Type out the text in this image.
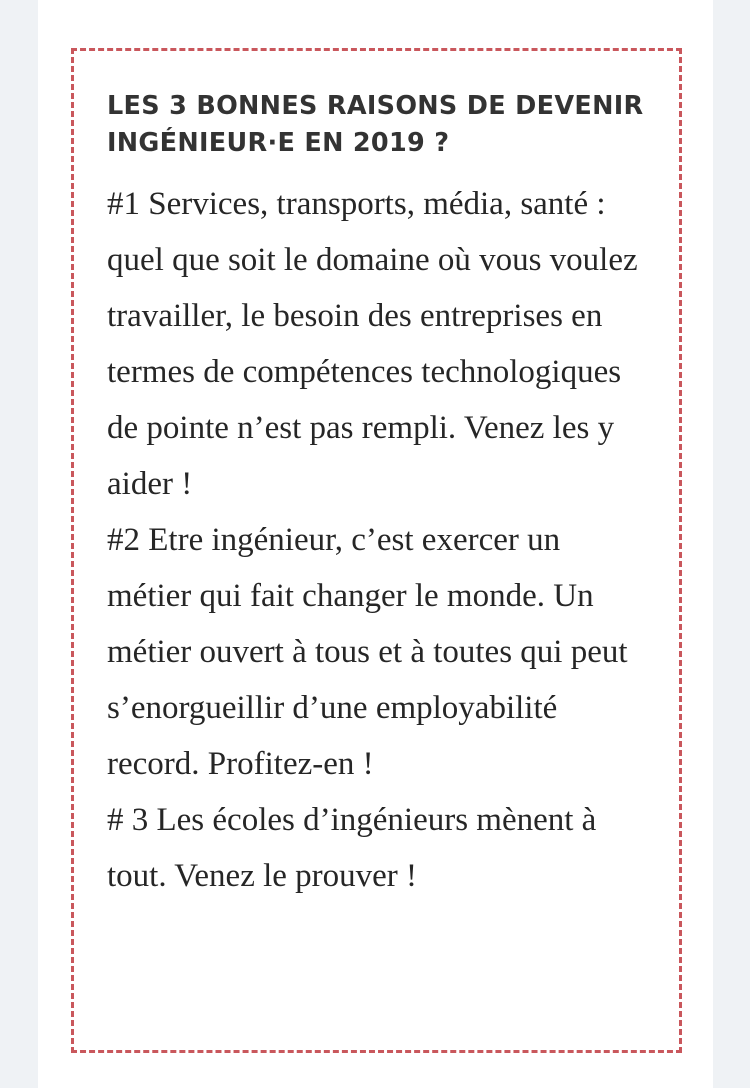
LES 3 BONNES RAISONS DE DEVENIR INGÉNIEUR·E EN 2019 ?

#1 Services, transports, média, santé : quel que soit le domaine où vous voulez travailler, le besoin des entreprises en termes de compétences technologiques de pointe n’est pas rempli. Venez les y aider !

#2 Etre ingénieur, c’est exercer un métier qui fait changer le monde. Un métier ouvert à tous et à toutes qui peut s’enorgueillir d’une employabilité record. Profitez-en !

# 3 Les écoles d’ingénieurs mènent à tout. Venez le prouver !
